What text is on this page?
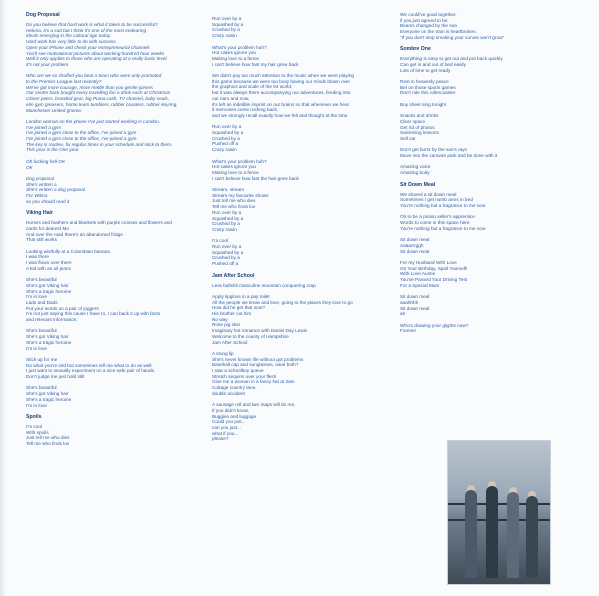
Dog Proposal
Do you believe that hard work is what it takes to be successful?
Helena, it's a sad but I think it's one of the most endearing
ideals emerging in the cultural age today.
Hard work has very little to do with success.
Open your iPhone and check your entrepreneurial channels
You'll see motivational pictures about working hundred hour weeks
Well it only applies to those who are operating at a really basic level.
It's not your problem.
Who are we so chuffed you beat a team who were only promoted
to the Premier League last recently?
We've got more courage, more mettle than you gentle joiners.
Our centre back bought every travelling fan a drink each at Christmas
Closer peers, branded gear, big Puma cash, TV channel, baby seals,
elm gym greasers, home team tumblers, rubber coasters, rubber keyring,
Manchester United gnome.
London woman on the phone I've just started working in London.
I've joined a gym
I've joined a gym close to the office, I've joined a gym
I've joined a gym close to the office, I've joined a gym.
The key is routine, fix regular times in your schedule and stick to them.
This year is the One year.
Oh fucking hell OK
OK
Dog proposal
She's written a
She's written a dog proposal
For Wilma
so you should read it
Viking Hair
Horses and feathers and blankets with purple crosses and flowers and
cards for dearest Mo
And over the road there's an abandoned fridge
That still works
Looking wistfully at a Colombian banana
I was there
I was flown over there
A kid with an oil jeans
She's beautiful
She's got Viking hair
She's a tragic heroine
I'm in love
Lads and Dads
Put your words on a pair of joggers
I'm not just saying this cause I have to, I can back it up with facts
and relevant information.
She's beautiful
She's got Viking hair
She's a tragic heroine
I'm in love
Stick up for me
Do what you're told but sometimes tell me what to do as well.
I just want to sexually experiment on a nice safe pair of hands.
Don't judge me just hold still.
She's beautiful
She's got Viking hair
She's a tragic heroine
I'm in love
Spoils
I'm cool
With spoils
Just tell me who dies
Tell me who finds luv
Run over by a
Squashed by a
Crushed by a
Crazy raisin
What's your problem huh?
Hot cakes ignore you
Making love to a fence
I can't believe how fast my hair grew back
We didn't pay too much attention to the music when we were playing
this game because we were too busy having our minds blown over
the graphics and scale of the 64 world,
but it was always there accompanying our adventures, feeding into
our ears and now,
it's left an indelible imprint on our brains so that whenever we hear
it memories come rushing back,
and we strongly recall exactly how we felt and thought at the time.
Run over by a
Squashed by a
Crushed by a
Pushed off a
Crazy raisin
What's your problem huh?
Hot cakes ignore you
Making love to a fence
I can't believe how fast the hair grew back
Stream, stream
Stream my favourite shows
Just tell me who dies
Tell me who finds luv
Run over by a
Squashed by a
Crushed by a
Crazy raisin
I'm cool
Run over by a
Squashed by a
Crushed by a
Pushed off a
Jam After School
Less bullshit masculine mountain conquering crap
Apply lipgloss in a pay toilet
All the people we know and love, going to the places they love to go
How did he get that scar?
His brother cut him
No way
Rose pig skin
Imaginary hot romance with Daniel Day Lewis
Welcome to the county of Hampshire
Jam After School
A stung lip
She's never known life without got problems
Baseball cap and sunglasses, wear both?
I saw a schoolboy queue
Stretch sequins over your flesh
Give me a woman in a fancy hat at 2am
Cottage country lane,
double accident
A sausage roll and two maps will do me,
If you didn't know,
Buggies and luggage
Could you just...
can you just...
what if you...
please?
We could've good together,
if you just agreed to be
Beams changed by the sea
Everyone on the train is heartbroken.
"If you don't stop smoking your curves won't grow"
Sombre One
Everything is easy to get out and put back quickly
Can get in and out of bed easily
Lots of time to get ready
Rest in heavenly peace
Bet on those sports games
Don't ride this rollercoaster
Buy sheet sing tonight
Snacks and drinks
Clear space
Get rid of photos
Swimming lessons
Sell car
Don't get burnt by the sun's rays
Move into the caravan park and be done with it
Amazing voice
Amazing body
Sit Down Meal
We shared a sit down meal
Sometimes I get numb arms in bed
You're nothing but a fragrance to me now
Oh to be a potion seller's apprentice
Words to come in this space here
You're nothing but a fragrance to me now
Sit down meal
Aaaarrrggh
Sit down meal
For my Husband With Love
On Your Birthday, Spoil Yourself!
With Love Auntie
You've Passed Your Driving Test
For a Special Mum
Sit down meal
aaahhhh
Sit down meal
ah
Who's drawing your glyphs now?
Forever
